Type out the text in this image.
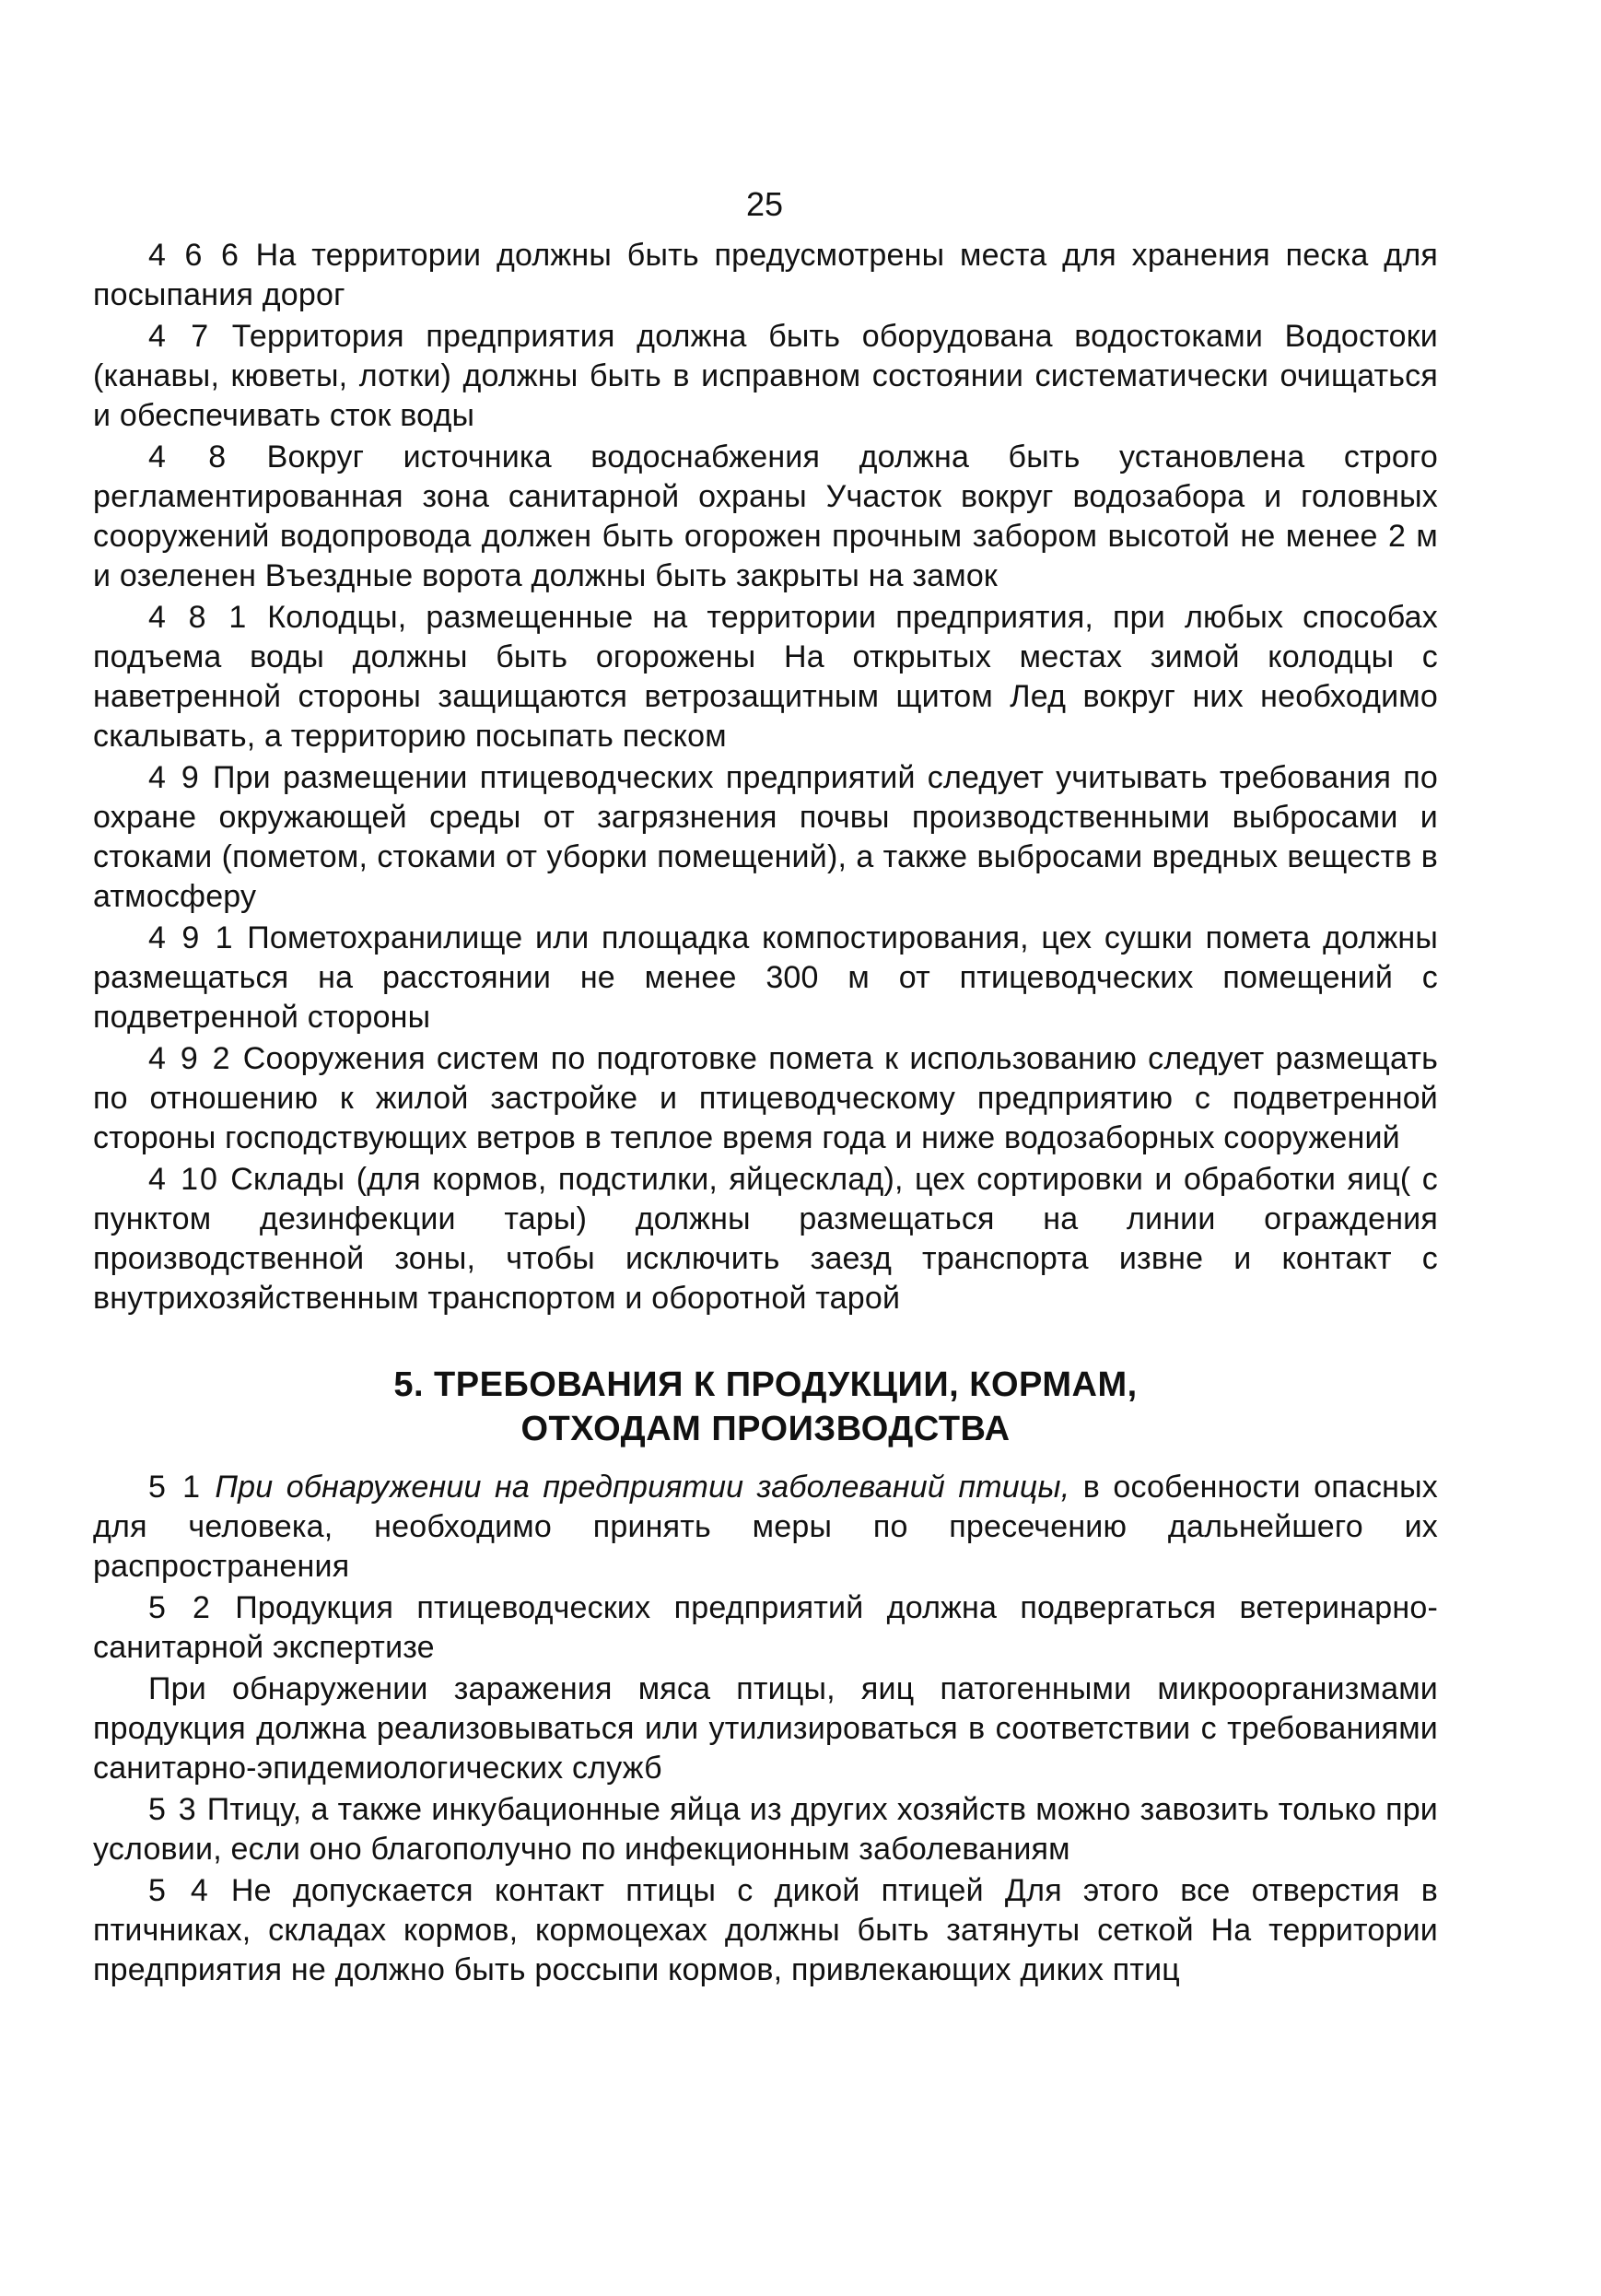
25

4 6 6 На территории должны быть предусмотрены места для хранения песка для посыпания дорог

4 7 Территория предприятия должна быть оборудована водостоками Водостоки (канавы, кюветы, лотки) должны быть в исправном состоянии систематически очищаться и обеспечивать сток воды

4 8 Вокруг источника водоснабжения должна быть установлена строго регламентированная зона санитарной охраны Участок вокруг водозабора и головных сооружений водопровода должен быть огорожен прочным забором высотой не менее 2 м и озеленен Въездные ворота должны быть закрыты на замок

4 8 1 Колодцы, размещенные на территории предприятия, при любых способах подъема воды должны быть огорожены На открытых местах зимой колодцы с наветренной стороны защищаются ветрозащитным щитом Лед вокруг них необходимо скалывать, а территорию посыпать песком

4 9 При размещении птицеводческих предприятий следует учитывать требования по охране окружающей среды от загрязнения почвы производственными выбросами и стоками (пометом, стоками от уборки помещений), а также выбросами вредных веществ в атмосферу

4 9 1 Пометохранилище или площадка компостирования, цех сушки помета должны размещаться на расстоянии не менее 300 м от птицеводческих помещений с подветренной стороны

4 9 2 Сооружения систем по подготовке помета к использованию следует размещать по отношению к жилой застройке и птицеводческому предприятию с подветренной стороны господствующих ветров в теплое время года и ниже водозаборных сооружений

4 10 Склады (для кормов, подстилки, яйцесклад), цех сортировки и обработки яиц( с пунктом дезинфекции тары) должны размещаться на линии ограждения производственной зоны, чтобы исключить заезд транспорта извне и контакт с внутрихозяйственным транспортом и оборотной тарой

5. ТРЕБОВАНИЯ К ПРОДУКЦИИ, КОРМАМ,
ОТХОДАМ ПРОИЗВОДСТВА

5 1 При обнаружении на предприятии заболеваний птицы, в особенности опасных для человека, необходимо принять меры по пресечению дальнейшего их распространения

5 2 Продукция птицеводческих предприятий должна подвергаться ветеринарно-санитарной экспертизе

При обнаружении заражения мяса птицы, яиц патогенными микроорганизмами продукция должна реализовываться или утилизироваться в соответствии с требованиями санитарно-эпидемиологических служб

5 3 Птицу, а также инкубационные яйца из других хозяйств можно завозить только при условии, если оно благополучно по инфекционным заболеваниям

5 4 Не допускается контакт птицы с дикой птицей Для этого все отверстия в птичниках, складах кормов, кормоцехах должны быть затянуты сеткой На территории предприятия не должно быть россыпи кормов, привлекающих диких птиц
